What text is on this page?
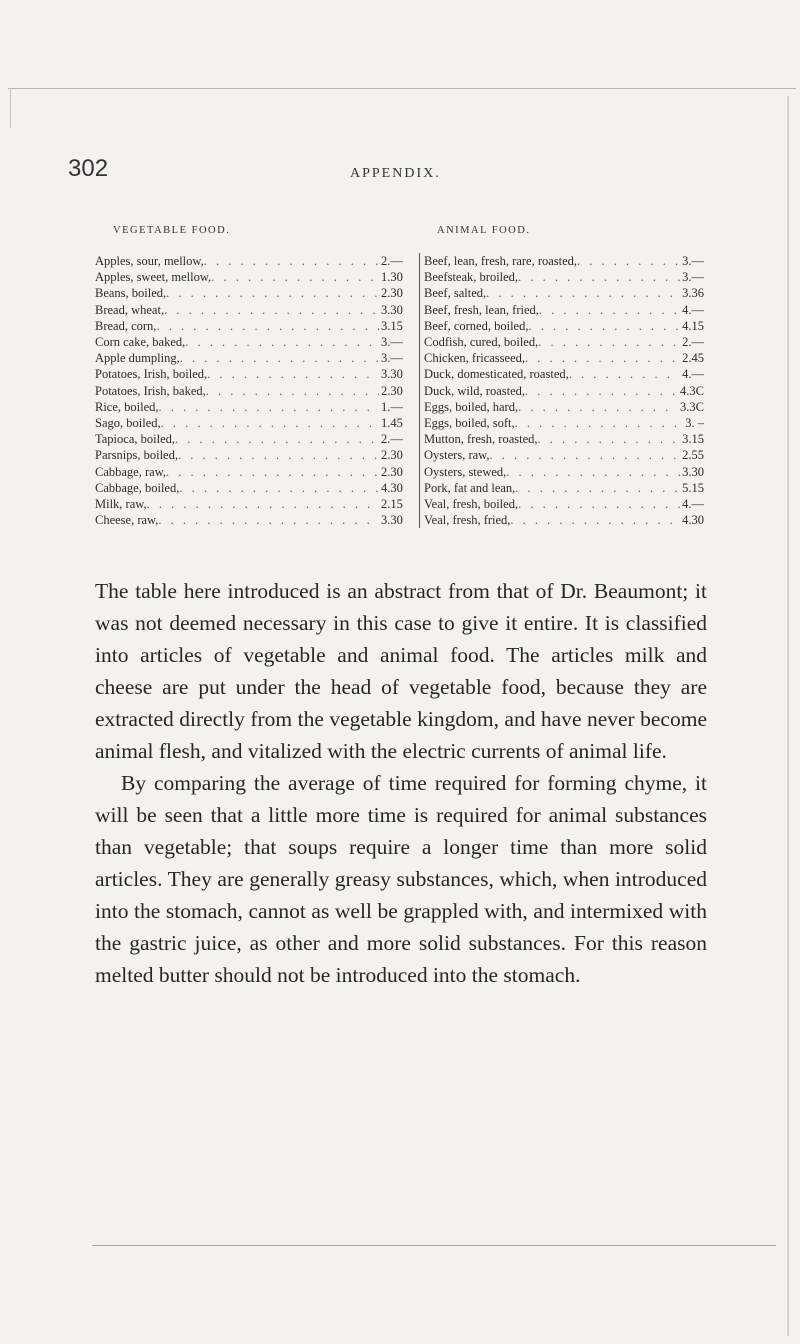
302	APPENDIX.
VEGETABLE FOOD.	ANIMAL FOOD.
Apples, sour, mellow, . . .	2.—
Apples, sweet, mellow, . . .	1.30
Beans, boiled, . . .	2.30
Bread, wheat, . . .	3.30
Bread, corn, . . .	3.15
Corn cake, baked, . . .	3.—
Apple dumpling, . . .	3.—
Potatoes, Irish, boiled, . . .	3.30
Potatoes, Irish, baked, . . .	2.30
Rice, boiled, . . .	1.—
Sago, boiled, . . .	1.45
Tapioca, boiled, . . .	2.—
Parsnips, boiled, . . .	2.30
Cabbage, raw, . . .	2.30
Cabbage, boiled, . . .	4.30
Milk, raw, . . .	2.15
Cheese, raw, . . .	3.30
Beef, lean, fresh, rare, roasted, . . .	3.—
Beefsteak, broiled, . . .	3.—
Beef, salted, . . .	3.36
Beef, fresh, lean, fried, . . .	4.—
Beef, corned, boiled, . . .	4.15
Codfish, cured, boiled, . . .	2.—
Chicken, fricasseed, . . .	2.45
Duck, domesticated, roasted, . . .	4.—
Duck, wild, roasted, . . .	4.3C
Eggs, boiled, hard, . . .	3.3C
Eggs, boiled, soft, . . .	3. –
Mutton, fresh, roasted, . . .	3.15
Oysters, raw, . . .	2.55
Oysters, stewed, . . .	3.30
Pork, fat and lean, . . .	5.15
Veal, fresh, boiled, . . .	4.—
Veal, fresh, fried, . . .	4.30

The table here introduced is an abstract from that of Dr. Beaumont; it was not deemed necessary in this case to give it entire. It is classified into articles of vegetable and animal food. The articles milk and cheese are put under the head of vegetable food, because they are extracted directly from the vegetable kingdom, and have never become animal flesh, and vitalized with the electric currents of animal life.

By comparing the average of time required for forming chyme, it will be seen that a little more time is required for animal substances than vegetable; that soups require a longer time than more solid articles. They are generally greasy substances, which, when introduced into the stomach, cannot as well be grappled with, and intermixed with the gastric juice, as other and more solid substances. For this reason melted butter should not be introduced into the stomach.
